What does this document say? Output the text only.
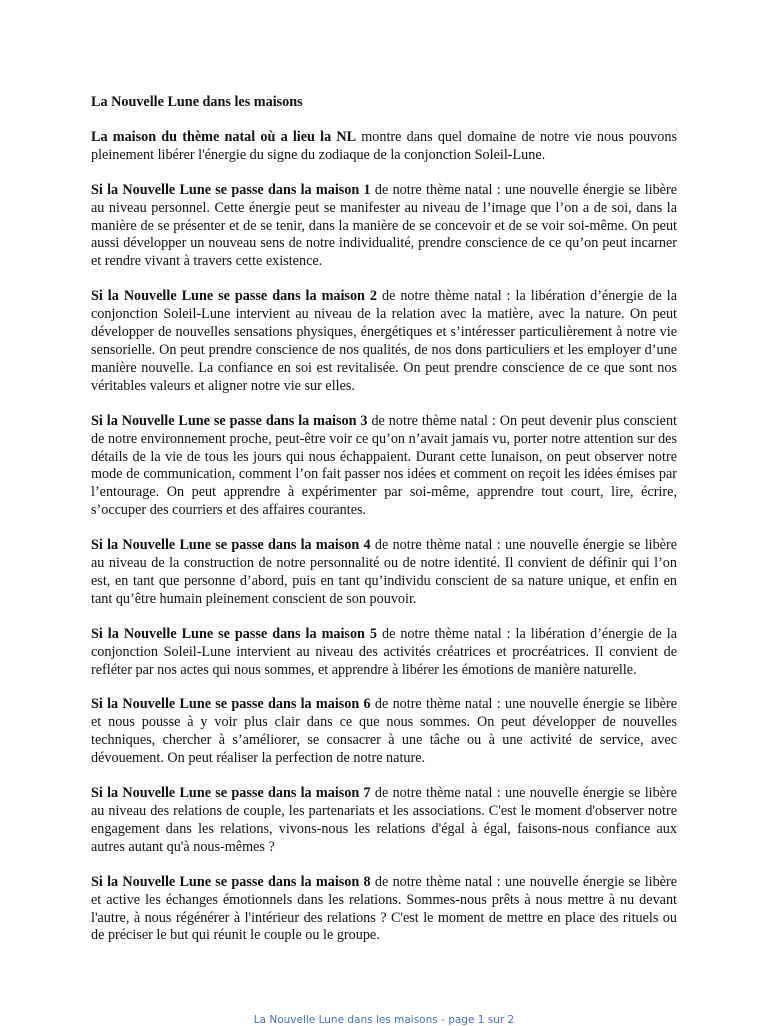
La Nouvelle Lune dans les maisons

La maison du thème natal où a lieu la NL montre dans quel domaine de notre vie nous pouvons pleinement libérer l'énergie du signe du zodiaque de la conjonction Soleil-Lune.

Si la Nouvelle Lune se passe dans la maison 1 de notre thème natal : une nouvelle énergie se libère au niveau personnel. Cette énergie peut se manifester au niveau de l’image que l’on a de soi, dans la manière de se présenter et de se tenir, dans la manière de se concevoir et de se voir soi-même. On peut aussi développer un nouveau sens de notre individualité, prendre conscience de ce qu’on peut incarner et rendre vivant à travers cette existence.

Si la Nouvelle Lune se passe dans la maison 2 de notre thème natal : la libération d’énergie de la conjonction Soleil-Lune intervient au niveau de la relation avec la matière, avec la nature. On peut développer de nouvelles sensations physiques, énergétiques et s’intéresser particulièrement à notre vie sensorielle. On peut prendre conscience de nos qualités, de nos dons particuliers et les employer d’une manière nouvelle. La confiance en soi est revitalisée. On peut prendre conscience de ce que sont nos véritables valeurs et aligner notre vie sur elles.

Si la Nouvelle Lune se passe dans la maison 3 de notre thème natal : On peut devenir plus conscient de notre environnement proche, peut-être voir ce qu’on n’avait jamais vu, porter notre attention sur des détails de la vie de tous les jours qui nous échappaient. Durant cette lunaison, on peut observer notre mode de communication, comment l’on fait passer nos idées et comment on reçoit les idées émises par l’entourage. On peut apprendre à expérimenter par soi-même, apprendre tout court, lire, écrire, s’occuper des courriers et des affaires courantes.

Si la Nouvelle Lune se passe dans la maison 4 de notre thème natal : une nouvelle énergie se libère au niveau de la construction de notre personnalité ou de notre identité. Il convient de définir qui l’on est, en tant que personne d’abord, puis en tant qu’individu conscient de sa nature unique, et enfin en tant qu’être humain pleinement conscient de son pouvoir.

Si la Nouvelle Lune se passe dans la maison 5 de notre thème natal : la libération d’énergie de la conjonction Soleil-Lune intervient au niveau des activités créatrices et procréatrices. Il convient de refléter par nos actes qui nous sommes, et apprendre à libérer les émotions de manière naturelle.

Si la Nouvelle Lune se passe dans la maison 6 de notre thème natal : une nouvelle énergie se libère et nous pousse à y voir plus clair dans ce que nous sommes. On peut développer de nouvelles techniques, chercher à s’améliorer, se consacrer à une tâche ou à une activité de service, avec dévouement. On peut réaliser la perfection de notre nature.

Si la Nouvelle Lune se passe dans la maison 7 de notre thème natal : une nouvelle énergie se libère au niveau des relations de couple, les partenariats et les associations. C'est le moment d'observer notre engagement dans les relations, vivons-nous les relations d'égal à égal, faisons-nous confiance aux autres autant qu'à nous-mêmes ?

Si la Nouvelle Lune se passe dans la maison 8 de notre thème natal : une nouvelle énergie se libère et active les échanges émotionnels dans les relations. Sommes-nous prêts à nous mettre à nu devant l'autre, à nous régénérer à l'intérieur des relations ? C'est le moment de mettre en place des rituels ou de préciser le but qui réunit le couple ou le groupe.

La Nouvelle Lune dans les maisons - page 1 sur 2
